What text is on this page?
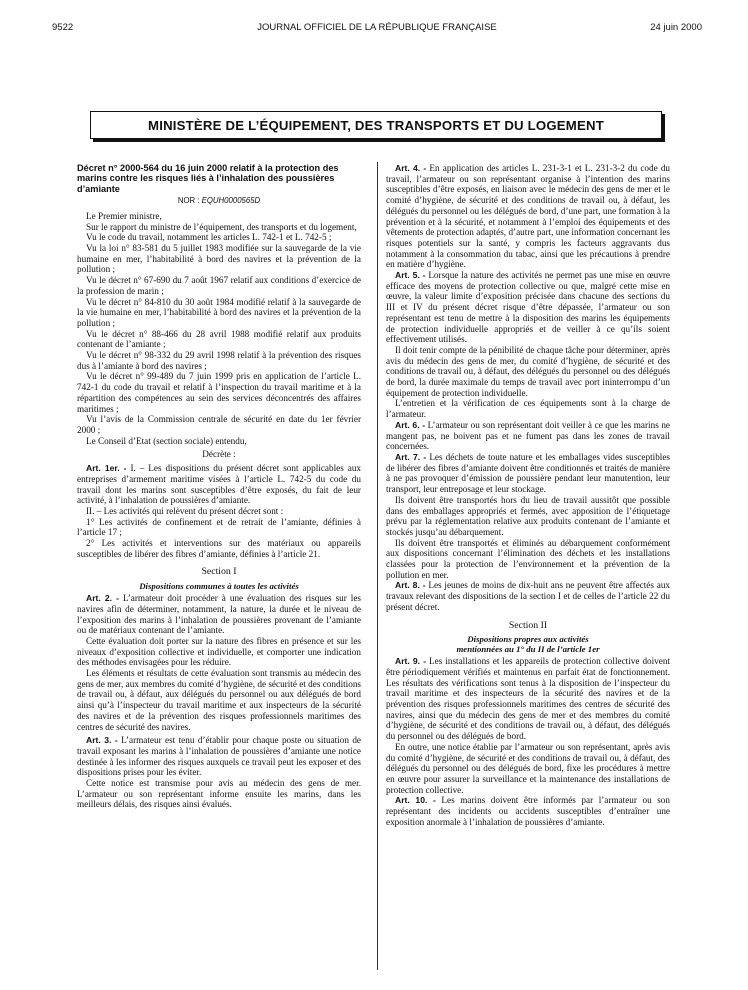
9522	JOURNAL OFFICIEL DE LA RÉPUBLIQUE FRANÇAISE	24 juin 2000
MINISTÈRE DE L’ÉQUIPEMENT, DES TRANSPORTS ET DU LOGEMENT

Décret n° 2000-564 du 16 juin 2000 relatif à la protection des marins contre les risques liés à l’inhalation des poussières d’amiante

NOR : EQUH0000565D

Le Premier ministre,

Sur le rapport du ministre de l’équipement, des transports et du logement,

Vu le code du travail, notamment les articles L. 742-1 et L. 742-5 ;

Vu la loi n° 83-581 du 5 juillet 1983 modifiée sur la sauvegarde de la vie humaine en mer, l’habitabilité à bord des navires et la prévention de la pollution ;

Vu le décret n° 67-690 du 7 août 1967 relatif aux conditions d’exercice de la profession de marin ;

Vu le décret n° 84-810 du 30 août 1984 modifié relatif à la sauvegarde de la vie humaine en mer, l’habitabilité à bord des navires et la prévention de la pollution ;

Vu le décret n° 88-466 du 28 avril 1988 modifié relatif aux produits contenant de l’amiante ;

Vu le décret n° 98-332 du 29 avril 1998 relatif à la prévention des risques dus à l’amiante à bord des navires ;

Vu le décret n° 99-489 du 7 juin 1999 pris en application de l’article L. 742-1 du code du travail et relatif à l’inspection du travail maritime et à la répartition des compétences au sein des services déconcentrés des affaires maritimes ;

Vu l’avis de la Commission centrale de sécurité en date du 1er février 2000 ;

Le Conseil d’Etat (section sociale) entendu,

Décrète :

Art. 1er. - I. – Les dispositions du présent décret sont applicables aux entreprises d’armement maritime visées à l’article L. 742-5 du code du travail dont les marins sont susceptibles d’être exposés, du fait de leur activité, à l’inhalation de poussières d’amiante.

II. – Les activités qui relèvent du présent décret sont :

1° Les activités de confinement et de retrait de l’amiante, définies à l’article 17 ;

2° Les activités et interventions sur des matériaux ou appareils susceptibles de libérer des fibres d’amiante, définies à l’article 21.

Section I

Dispositions communes à toutes les activités

Art. 2. - L’armateur doit procéder à une évaluation des risques sur les navires afin de déterminer, notamment, la nature, la durée et le niveau de l’exposition des marins à l’inhalation de poussières provenant de l’amiante ou de matériaux contenant de l’amiante.

Cette évaluation doit porter sur la nature des fibres en présence et sur les niveaux d’exposition collective et individuelle, et comporter une indication des méthodes envisagées pour les réduire.

Les éléments et résultats de cette évaluation sont transmis au médecin des gens de mer, aux membres du comité d’hygiène, de sécurité et des conditions de travail ou, à défaut, aux délégués du personnel ou aux délégués de bord ainsi qu’à l’inspecteur du travail maritime et aux inspecteurs de la sécurité des navires et de la prévention des risques professionnels maritimes des centres de sécurité des navires.

Art. 3. - L’armateur est tenu d’établir pour chaque poste ou situation de travail exposant les marins à l’inhalation de poussières d’amiante une notice destinée à les informer des risques auxquels ce travail peut les exposer et des dispositions prises pour les éviter.

Cette notice est transmise pour avis au médecin des gens de mer. L’armateur ou son représentant informe ensuite les marins, dans les meilleurs délais, des risques ainsi évalués.

Art. 4. - En application des articles L. 231-3-1 et L. 231-3-2 du code du travail, l’armateur ou son représentant organise à l’intention des marins susceptibles d’être exposés, en liaison avec le médecin des gens de mer et le comité d’hygiène, de sécurité et des conditions de travail ou, à défaut, les délégués du personnel ou les délégués de bord, d’une part, une formation à la prévention et à la sécurité, et notamment à l’emploi des équipements et des vêtements de protection adaptés, d’autre part, une information concernant les risques potentiels sur la santé, y compris les facteurs aggravants dus notamment à la consommation du tabac, ainsi que les précautions à prendre en matière d’hygiène.

Art. 5. - Lorsque la nature des activités ne permet pas une mise en œuvre efficace des moyens de protection collective ou que, malgré cette mise en œuvre, la valeur limite d’exposition précisée dans chacune des sections du III et IV du présent décret risque d’être dépassée, l’armateur ou son représentant est tenu de mettre à la disposition des marins les équipements de protection individuelle appropriés et de veiller à ce qu’ils soient effectivement utilisés.

Il doit tenir compte de la pénibilité de chaque tâche pour déterminer, après avis du médecin des gens de mer, du comité d’hygiène, de sécurité et des conditions de travail ou, à défaut, des délégués du personnel ou des délégués de bord, la durée maximale du temps de travail avec port ininterrompu d’un équipement de protection individuelle.

L’entretien et la vérification de ces équipements sont à la charge de l’armateur.

Art. 6. - L’armateur ou son représentant doit veiller à ce que les marins ne mangent pas, ne boivent pas et ne fument pas dans les zones de travail concernées.

Art. 7. - Les déchets de toute nature et les emballages vides susceptibles de libérer des fibres d’amiante doivent être conditionnés et traités de manière à ne pas provoquer d’émission de poussière pendant leur manutention, leur transport, leur entreposage et leur stockage.

Ils doivent être transportés hors du lieu de travail aussitôt que possible dans des emballages appropriés et fermés, avec apposition de l’étiquetage prévu par la réglementation relative aux produits contenant de l’amiante et stockés jusqu’au débarquement.

Ils doivent être transportés et éliminés au débarquement conformément aux dispositions concernant l’élimination des déchets et les installations classées pour la protection de l’environnement et la prévention de la pollution en mer.

Art. 8. - Les jeunes de moins de dix-huit ans ne peuvent être affectés aux travaux relevant des dispositions de la section I et de celles de l’article 22 du présent décret.

Section II

Dispositions propres aux activités

mentionnées au 1° du II de l’article 1er

Art. 9. - Les installations et les appareils de protection collective doivent être périodiquement vérifiés et maintenus en parfait état de fonctionnement. Les résultats des vérifications sont tenus à la disposition de l’inspecteur du travail maritime et des inspecteurs de la sécurité des navires et de la prévention des risques professionnels maritimes des centres de sécurité des navires, ainsi que du médecin des gens de mer et des membres du comité d’hygiène, de sécurité et des conditions de travail ou, à défaut, des délégués du personnel ou des délégués de bord.

En outre, une notice établie par l’armateur ou son représentant, après avis du comité d’hygiène, de sécurité et des conditions de travail ou, à défaut, des délégués du personnel ou des délégués de bord, fixe les procédures à mettre en œuvre pour assurer la surveillance et la maintenance des installations de protection collective.

Art. 10. - Les marins doivent être informés par l’armateur ou son représentant des incidents ou accidents susceptibles d’entraîner une exposition anormale à l’inhalation de poussières d’amiante.
